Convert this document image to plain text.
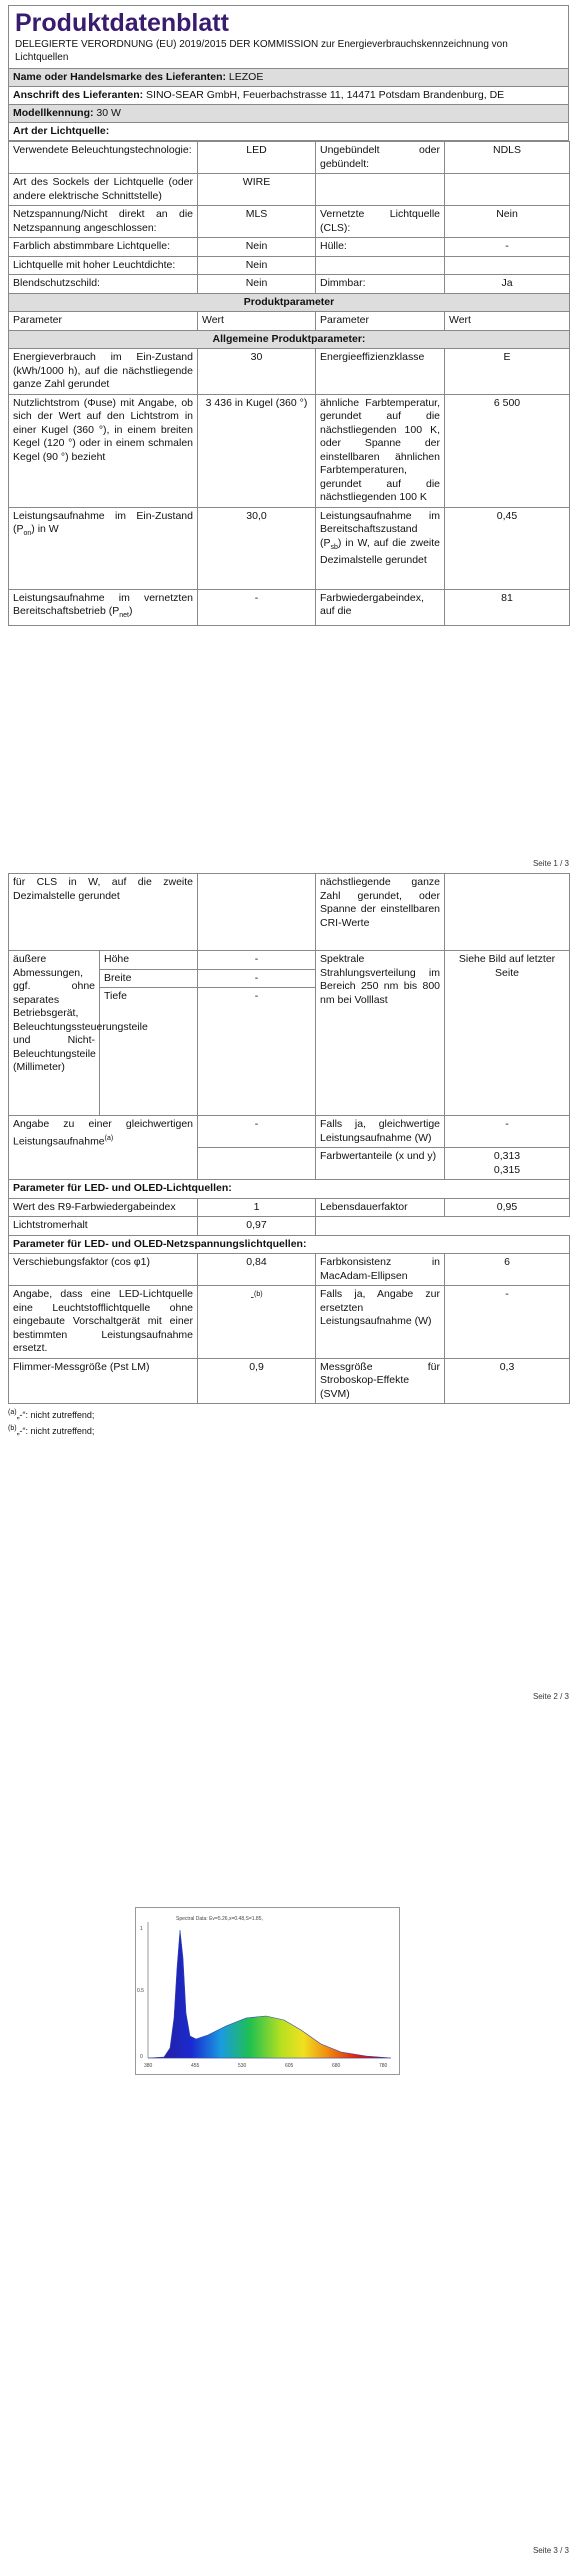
Produktdatenblatt
DELEGIERTE VERORDNUNG (EU) 2019/2015 DER KOMMISSION zur Energieverbrauchskennzeichnung von Lichtquellen
Name oder Handelsmarke des Lieferanten: LEZOE
Anschrift des Lieferanten: SINO-SEAR GmbH, Feuerbachstrasse 11, 14471 Potsdam Brandenburg, DE
Modellkennung: 30 W
Art der Lichtquelle:
Verwendete Beleuchtungstechnologie:	LED	Ungebündelt oder gebündelt:	NDLS
Art des Sockels der Lichtquelle (oder andere elektrische Schnittstelle)	WIRE		
Netzspannung/Nicht direkt an die Netzspannung angeschlossen:	MLS	Vernetzte Lichtquelle (CLS):	Nein
Farblich abstimmbare Lichtquelle:	Nein	Hülle:	-
Lichtquelle mit hoher Leuchtdichte:	Nein		
Blendschutzschild:	Nein	Dimmbar:	Ja
Produktparameter			
Parameter	Wert	Parameter	Wert
Allgemeine Produktparameter:			
Energieverbrauch im Ein-Zustand (kWh/1000 h), auf die nächstliegende ganze Zahl gerundet	30	Energieeffizienzklasse	E
Nutzlichtstrom (Φuse) mit Angabe, ob sich der Wert auf den Lichtstrom in einer Kugel (360 °), in einem breiten Kegel (120 °) oder in einem schmalen Kegel (90 °) bezieht	3 436 in Kugel (360 °)	ähnliche Farbtemperatur, gerundet auf die nächstliegenden 100 K, oder Spanne der einstellbaren ähnlichen Farbtemperaturen, gerundet auf die nächstliegenden 100 K	6 500
Leistungsaufnahme im Ein-Zustand $(P_{on})$ in W	30,0	Leistungsaufnahme im Bereitschaftszustand $(P_{sb})$ in W, auf die zweite Dezimalstelle gerundet	0,45
Leistungsaufnahme im vernetzten Bereitschaftsbetrieb $(P_{net})$	-	Farbwiedergabeindex, auf die	81
Seite 1 / 3
für CLS in W, auf die zweite Dezimalstelle gerundet			nächstliegende ganze Zahl gerundet, oder Spanne der einstellbaren CRI-Werte	
äußere Abmessungen, ggf. ohne separates Betriebsgerät, Beleuchtungssteuerungsteile und Nicht-Beleuchtungsteile (Millimeter)	Höhe	-	Spektrale Strahlungsverteilung im Bereich 250 nm bis 800 nm bei Volllast	Siehe Bild auf letzter Seite
	Breite	-		
	Tiefe	-		
Angabe zu einer gleichwertigen Leistungsaufnahme$^{(a)}$		-	Falls ja, gleichwertige Leistungsaufnahme (W)	-
			Farbwertanteile (x und y)	0,313
0,315
Parameter für LED- und OLED-Lichtquellen:				
Wert des R9-Farbwiedergabeindex		1	Lebensdauerfaktor	0,95
Lichtstromerhalt		0,97		
Parameter für LED- und OLED-Netzspannungslichtquellen:				
Verschiebungsfaktor (cos φ1)		0,84	Farbkonsistenz in MacAdam-Ellipsen	6
Angabe, dass eine LED-Lichtquelle eine Leuchtstofflichtquelle ohne eingebaute Vorschaltgerät mit einer bestimmten Leistungsaufnahme ersetzt.		-$^{(b)}$	Falls ja, Angabe zur ersetzten Leistungsaufnahme (W)	-
Flimmer-Messgröße (Pst LM)		0,9	Messgröße für Stroboskop-Effekte (SVM)	0,3
$^{(a)}$„-“: nicht zutreffend;
$^{(b)}$„-“: nicht zutreffend;
Seite 2 / 3
Spectral Data: Ev=5.26,x=0.48,S=1.85,
1
0.5
0
380	455	530	605	680	780
Seite 3 / 3
